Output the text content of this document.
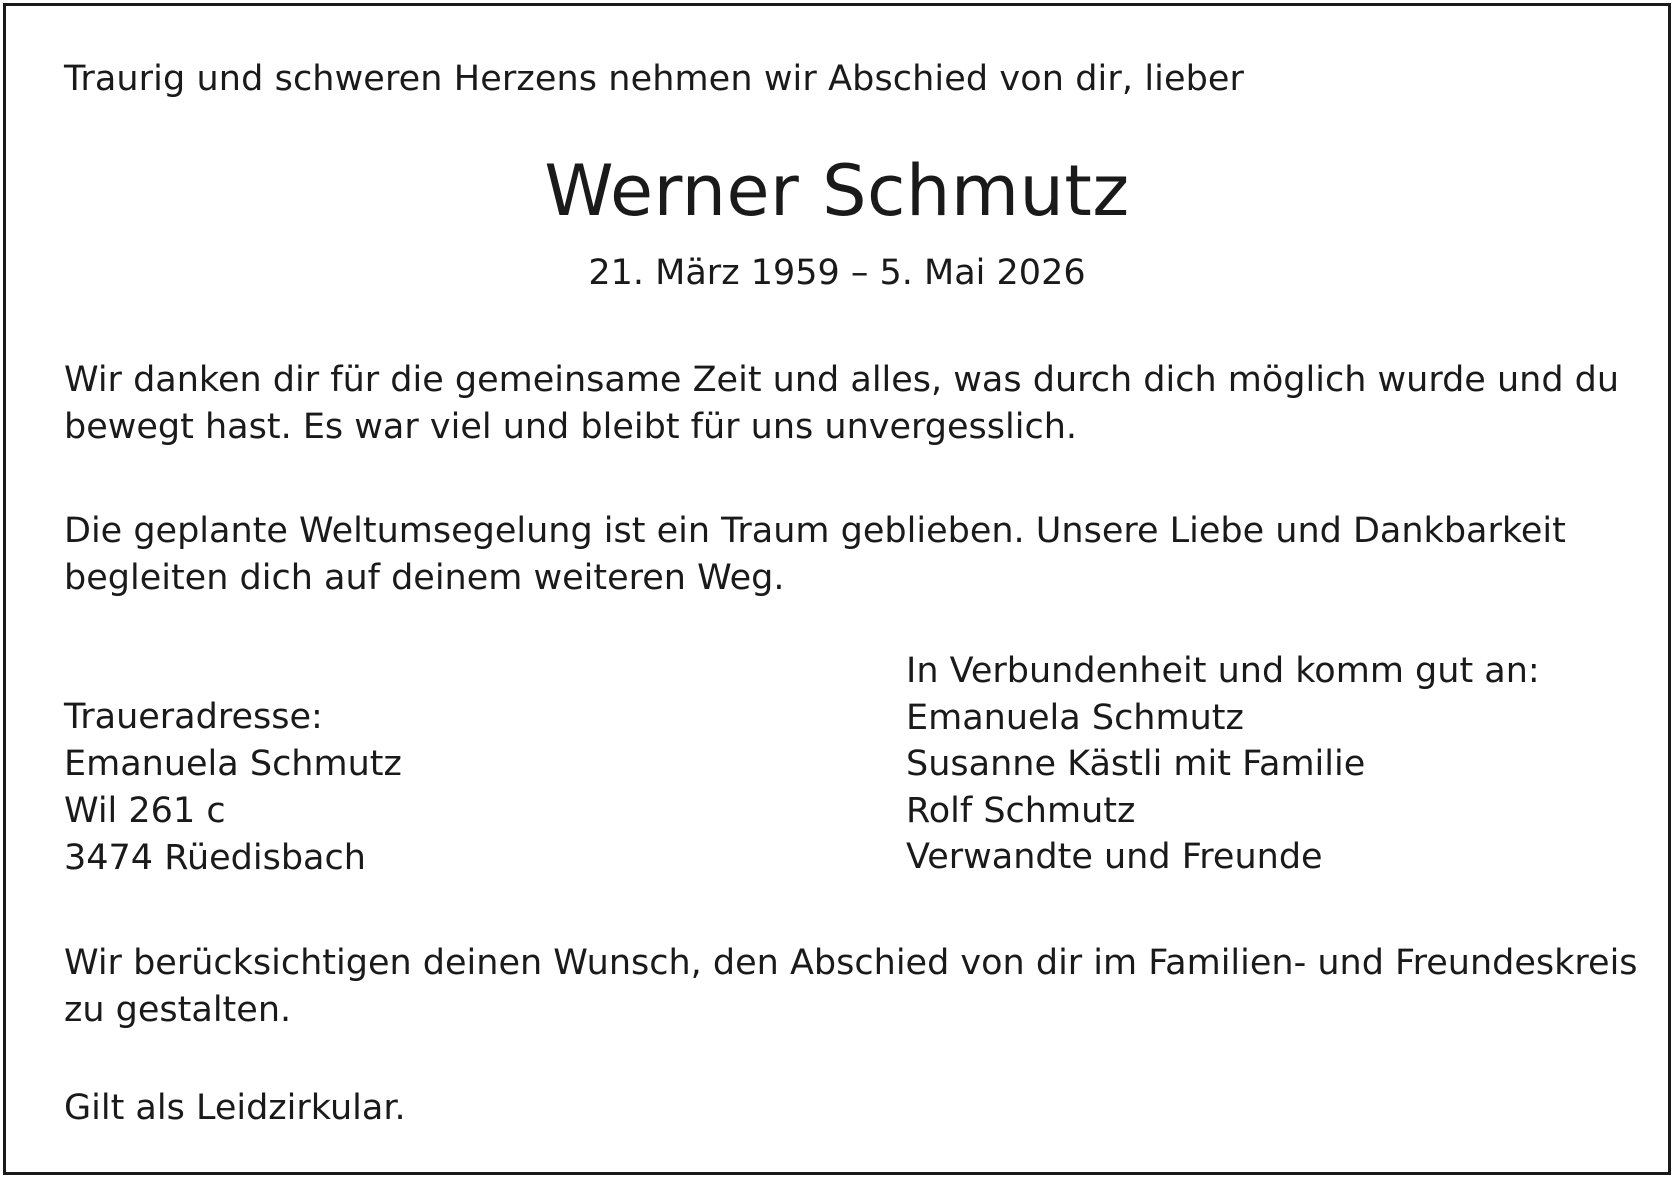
Traurig und schweren Herzens nehmen wir Abschied von dir, lieber
Werner Schmutz
21. März 1959 – 5. Mai 2026
Wir danken dir für die gemeinsame Zeit und alles, was durch dich möglich wurde und du
bewegt hast. Es war viel und bleibt für uns unvergesslich.
Die geplante Weltumsegelung ist ein Traum geblieben. Unsere Liebe und Dankbarkeit
begleiten dich auf deinem weiteren Weg.
Traueradresse:
Emanuela Schmutz
Wil 261 c
3474 Rüedisbach
In Verbundenheit und komm gut an:
Emanuela Schmutz
Susanne Kästli mit Familie
Rolf Schmutz
Verwandte und Freunde
Wir berücksichtigen deinen Wunsch, den Abschied von dir im Familien- und Freundeskreis
zu gestalten.
Gilt als Leidzirkular.
